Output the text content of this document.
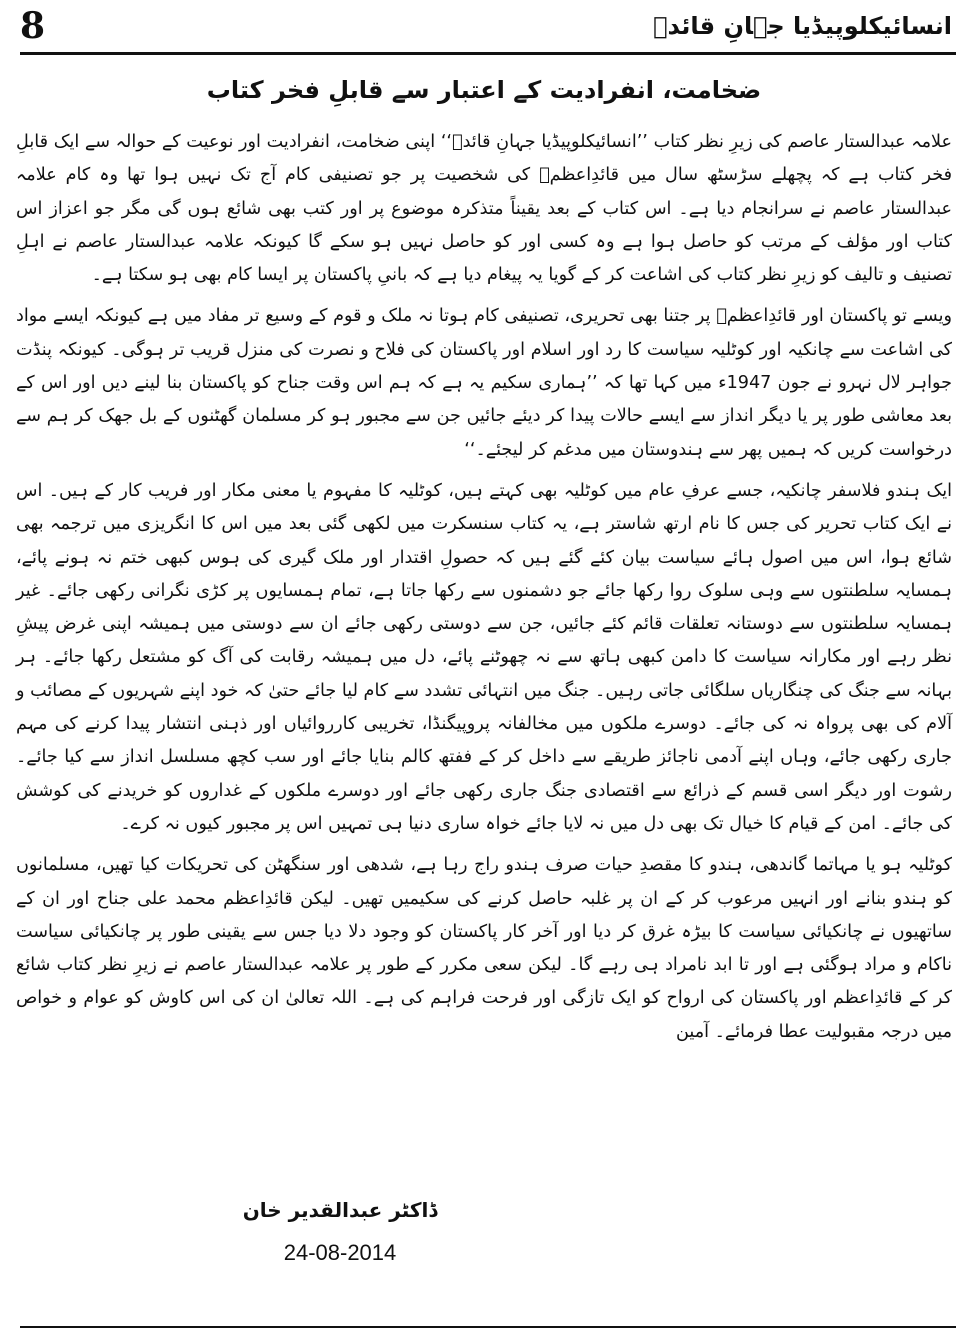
8	انسائیکلوپیڈیا جہانِ قائدؒ
ضخامت، انفرادیت کے اعتبار سے قابلِ فخر کتاب

علامہ عبدالستار عاصم کی زیرِ نظر کتاب ’’انسائیکلوپیڈیا جہانِ قائدؒ‘‘ اپنی ضخامت، انفرادیت اور نوعیت کے حوالہ سے ایک قابلِ فخر کتاب ہے کہ پچھلے سڑسٹھ سال میں قائدِاعظمؒ کی شخصیت پر جو تصنیفی کام آج تک نہیں ہوا تھا وہ کام علامہ عبدالستار عاصم نے سرانجام دیا ہے۔ اس کتاب کے بعد یقیناً متذکرہ موضوع پر اور کتب بھی شائع ہوں گی مگر جو اعزاز اس کتاب اور مؤلف کے مرتب کو حاصل ہوا ہے وہ کسی اور کو حاصل نہیں ہو سکے گا کیونکہ علامہ عبدالستار عاصم نے اہلِ تصنیف و تالیف کو زیرِ نظر کتاب کی اشاعت کر کے گویا یہ پیغام دیا ہے کہ بانیِ پاکستان پر ایسا کام بھی ہو سکتا ہے۔

ویسے تو پاکستان اور قائدِاعظمؒ پر جتنا بھی تحریری، تصنیفی کام ہوتا نہ ملک و قوم کے وسیع تر مفاد میں ہے کیونکہ ایسے مواد کی اشاعت سے چانکیہ اور کوٹلیہ سیاست کا رد اور اسلام اور پاکستان کی فلاح و نصرت کی منزل قریب تر ہوگی۔ کیونکہ پنڈت جواہر لال نہرو نے جون 1947ء میں کہا تھا کہ ’’ہماری سکیم یہ ہے کہ ہم اس وقت جناح کو پاکستان بنا لینے دیں اور اس کے بعد معاشی طور پر یا دیگر انداز سے ایسے حالات پیدا کر دیئے جائیں جن سے مجبور ہو کر مسلمان گھٹنوں کے بل جھک کر ہم سے درخواست کریں کہ ہمیں پھر سے ہندوستان میں مدغم کر لیجئے۔‘‘

ایک ہندو فلاسفر چانکیہ، جسے عرفِ عام میں کوٹلیہ بھی کہتے ہیں، کوٹلیہ کا مفہوم یا معنی مکار اور فریب کار کے ہیں۔ اس نے ایک کتاب تحریر کی جس کا نام ارتھ شاستر ہے، یہ کتاب سنسکرت میں لکھی گئی بعد میں اس کا انگریزی میں ترجمہ بھی شائع ہوا، اس میں اصول ہائے سیاست بیان کئے گئے ہیں کہ حصولِ اقتدار اور ملک گیری کی ہوس کبھی ختم نہ ہونے پائے، ہمسایہ سلطنتوں سے وہی سلوک روا رکھا جائے جو دشمنوں سے رکھا جاتا ہے، تمام ہمسایوں پر کڑی نگرانی رکھی جائے۔ غیر ہمسایہ سلطنتوں سے دوستانہ تعلقات قائم کئے جائیں، جن سے دوستی رکھی جائے ان سے دوستی میں ہمیشہ اپنی غرض پیشِ نظر رہے اور مکارانہ سیاست کا دامن کبھی ہاتھ سے نہ چھوٹنے پائے، دل میں ہمیشہ رقابت کی آگ کو مشتعل رکھا جائے۔ ہر بہانہ سے جنگ کی چنگاریاں سلگائی جاتی رہیں۔ جنگ میں انتہائی تشدد سے کام لیا جائے حتیٰ کہ خود اپنے شہریوں کے مصائب و آلام کی بھی پرواہ نہ کی جائے۔ دوسرے ملکوں میں مخالفانہ پروپیگنڈا، تخریبی کارروائیاں اور ذہنی انتشار پیدا کرنے کی مہم جاری رکھی جائے، وہاں اپنے آدمی ناجائز طریقے سے داخل کر کے ففتھ کالم بنایا جائے اور سب کچھ مسلسل انداز سے کیا جائے۔ رشوت اور دیگر اسی قسم کے ذرائع سے اقتصادی جنگ جاری رکھی جائے اور دوسرے ملکوں کے غداروں کو خریدنے کی کوشش کی جائے۔ امن کے قیام کا خیال تک بھی دل میں نہ لایا جائے خواہ ساری دنیا ہی تمہیں اس پر مجبور کیوں نہ کرے۔

کوٹلیہ ہو یا مہاتما گاندھی، ہندو کا مقصدِ حیات صرف ہندو راج رہا ہے، شدھی اور سنگھٹن کی تحریکات کیا تھیں، مسلمانوں کو ہندو بنانے اور انہیں مرعوب کر کے ان پر غلبہ حاصل کرنے کی سکیمیں تھیں۔ لیکن قائدِاعظم محمد علی جناح اور ان کے ساتھیوں نے چانکیائی سیاست کا بیڑہ غرق کر دیا اور آخر کار پاکستان کو وجود دلا دیا جس سے یقینی طور پر چانکیائی سیاست ناکام و مراد ہوگئی ہے اور تا ابد نامراد ہی رہے گا۔ لیکن سعی مکرر کے طور پر علامہ عبدالستار عاصم نے زیرِ نظر کتاب شائع کر کے قائدِاعظم اور پاکستان کی ارواح کو ایک تازگی اور فرحت فراہم کی ہے۔ اللہ تعالیٰ ان کی اس کاوش کو عوام و خواص میں درجہ مقبولیت عطا فرمائے۔ آمین

ڈاکٹر عبدالقدیر خان
24-08-2014
